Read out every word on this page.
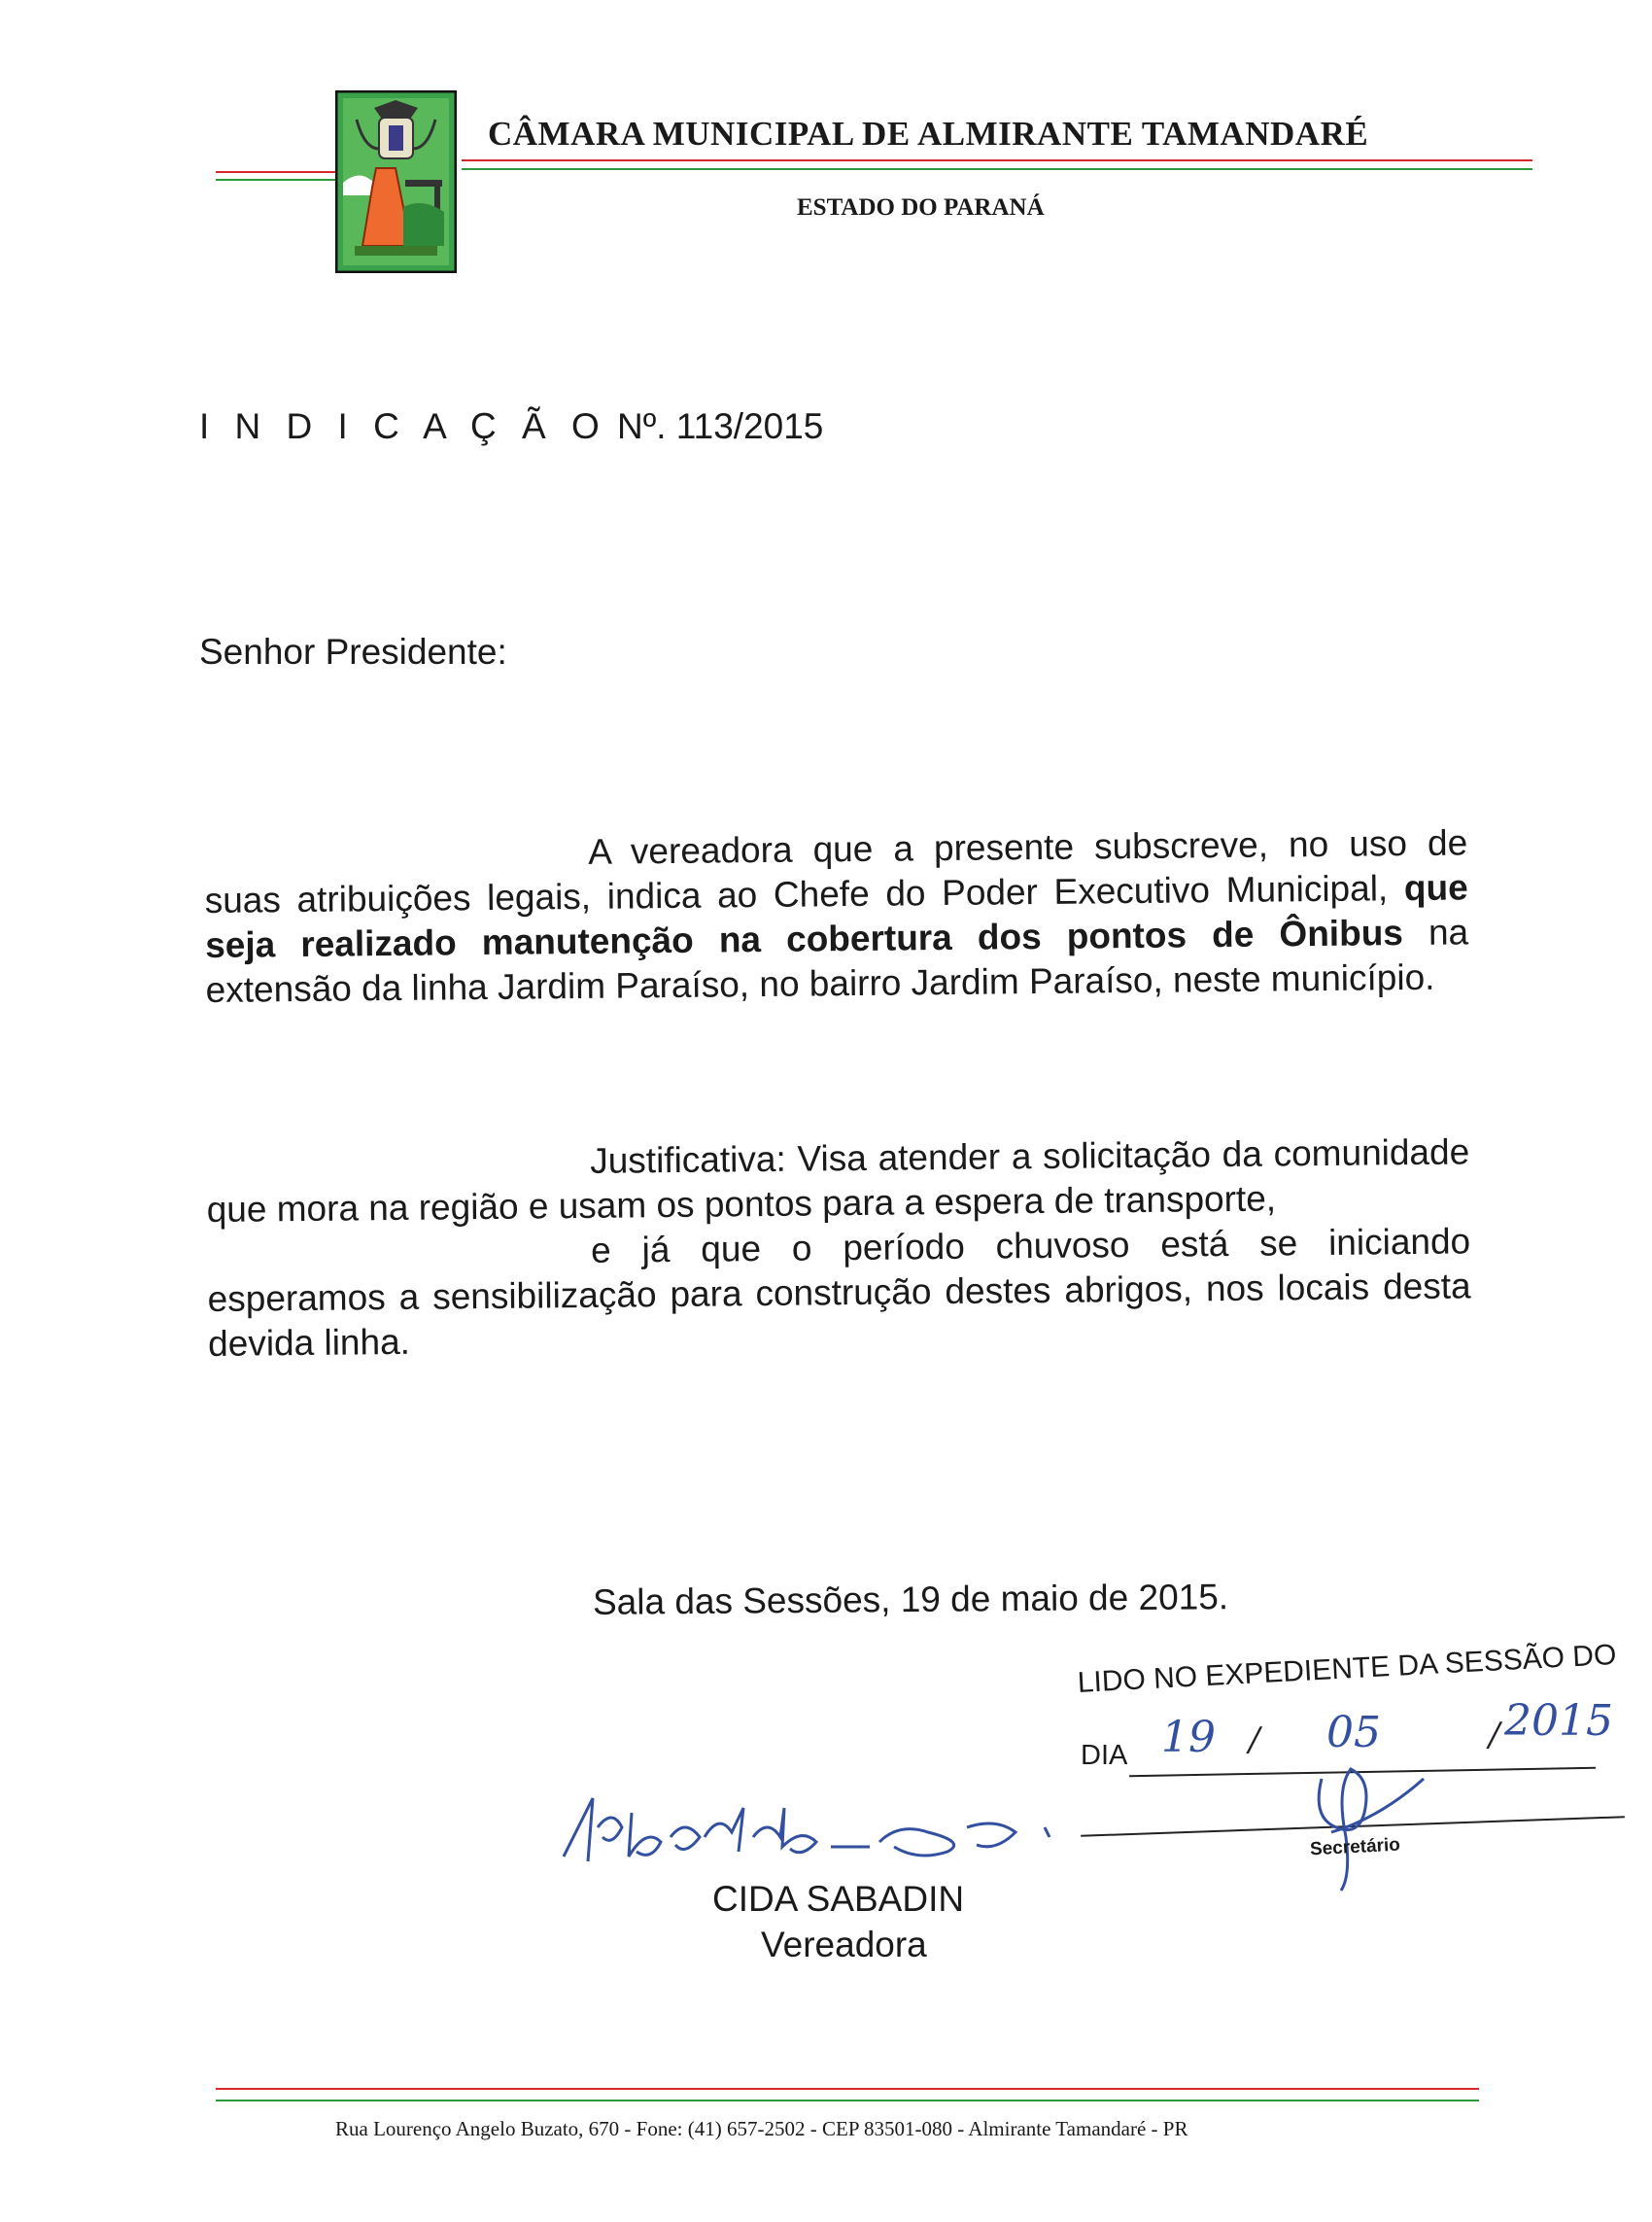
CÂMARA MUNICIPAL DE ALMIRANTE TAMANDARÉ
ESTADO DO PARANÁ
I N D I C A Ç Ã O Nº. 113/2015
Senhor Presidente:
A vereadora que a presente subscreve, no uso de suas atribuições legais, indica ao Chefe do Poder Executivo Municipal, que seja realizado manutenção na cobertura dos pontos de Ônibus na extensão da linha Jardim Paraíso, no bairro Jardim Paraíso, neste município.
Justificativa: Visa atender a solicitação da comunidade que mora na região e usam os pontos para a espera de transporte,
e já que o período chuvoso está se iniciando esperamos a sensibilização para construção destes abrigos, nos locais desta devida linha.
Sala das Sessões, 19 de maio de 2015.
LIDO NO EXPEDIENTE DA SESSÃO DO
DIA 19 / 05	/ 2015
Secretário
CIDA SABADIN
Vereadora
Rua Lourenço Angelo Buzato, 670 - Fone: (41) 657-2502 - CEP 83501-080 - Almirante Tamandaré - PR
